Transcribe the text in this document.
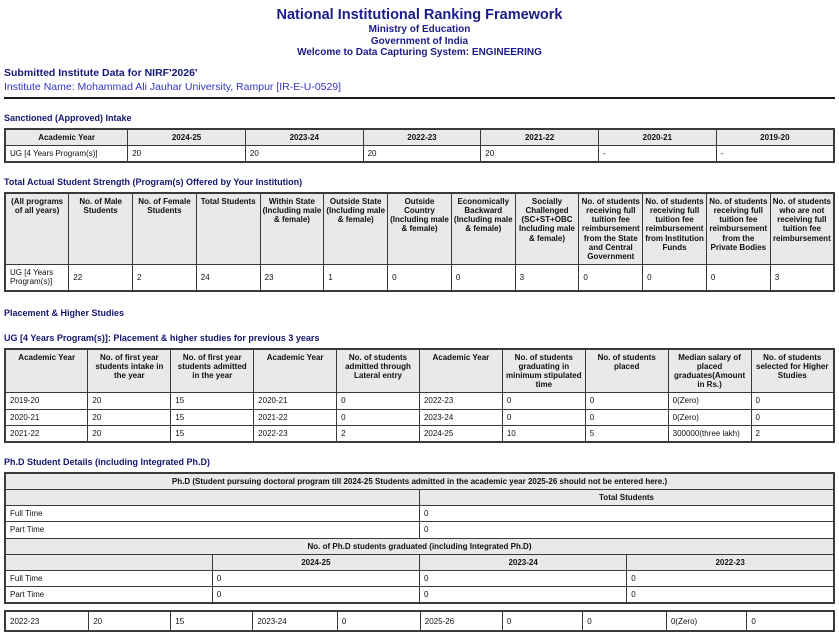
National Institutional Ranking Framework
Ministry of Education
Government of India
Welcome to Data Capturing System: ENGINEERING
Submitted Institute Data for NIRF'2026'
Institute Name: Mohammad Ali Jauhar University, Rampur [IR-E-U-0529]
Sanctioned (Approved) Intake
Academic Year	2024-25	2023-24	2022-23	2021-22	2020-21	2019-20
UG [4 Years Program(s)]	20	20	20	20	-	-
Total Actual Student Strength (Program(s) Offered by Your Institution)
(All programs of all years)	No. of Male Students	No. of Female Students	Total Students	Within State (Including male & female)	Outside State (Including male & female)	Outside Country (Including male & female)	Economically Backward (Including male & female)	Socially Challenged (SC+ST+OBC Including male & female)	No. of students receiving full tuition fee reimbursement from the State and Central Government	No. of students receiving full tuition fee reimbursement from Institution Funds	No. of students receiving full tuition fee reimbursement from the Private Bodies	No. of students who are not receiving full tuition fee reimbursement
UG [4 Years Program(s)]	22	2	24	23	1	0	0	3	0	0	0	3
Placement & Higher Studies
UG [4 Years Program(s)]: Placement & higher studies for previous 3 years
Academic Year	No. of first year students intake in the year	No. of first year students admitted in the year	Academic Year	No. of students admitted through Lateral entry	Academic Year	No. of students graduating in minimum stipulated time	No. of students placed	Median salary of placed graduates(Amount in Rs.)	No. of students selected for Higher Studies
2019-20	20	15	2020-21	0	2022-23	0	0	0(Zero)	0
2020-21	20	15	2021-22	0	2023-24	0	0	0(Zero)	0
2021-22	20	15	2022-23	2	2024-25	10	5	300000(three lakh)	2
Ph.D Student Details (including Integrated Ph.D)
Ph.D (Student pursuing doctoral program till 2024-25 Students admitted in the academic year 2025-26 should not be entered here.)			
		Total Students	
Full Time		0	
Part Time		0	
No. of Ph.D students graduated (including Integrated Ph.D)			
	2024-25	2023-24	2022-23
Full Time	0	0	0
Part Time	0	0	0
2022-23	20	15	2023-24	0	2025-26	0	0	0(Zero)	0
